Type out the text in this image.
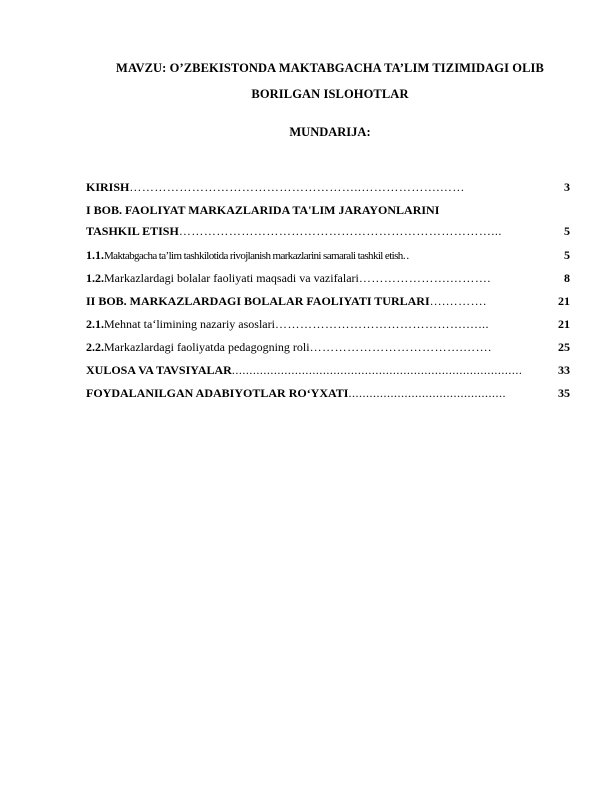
MAVZU: O’ZBEKISTONDA MAKTABGACHA TA’LIM TIZIMIDAGI OLIB
BORILGAN ISLOHOTLAR
MUNDARIJA:
KIRISH ………………………………………………..……………….……	3
I BOB. FAOLIYAT MARKAZLARIDA TA'LIM JARAYONLARINI
TASHKIL ETISH …………………………………………………………………...	5
1.1. Maktabgacha ta’lim tashkilotida rivojlanish markazlarini samarali tashkil etish ..	5
1.2. Markazlardagi bolalar faoliyati maqsadi va vazifalari ………………….……….	8
II BOB. MARKAZLARDAGI BOLALAR FAOLIYATI TURLARI ….……….	21
2.1. Mehnat ta‘limining nazariy asoslari ……………………………………….…...	21
2.2. Markazlardagi faoliyatda pedagogning roli ……………………………….…….	25
XULOSA VA TAVSIYALAR ...................................................................................	33
FOYDALANILGAN ADABIYOTLAR RO‘YXATI .............................................	35
